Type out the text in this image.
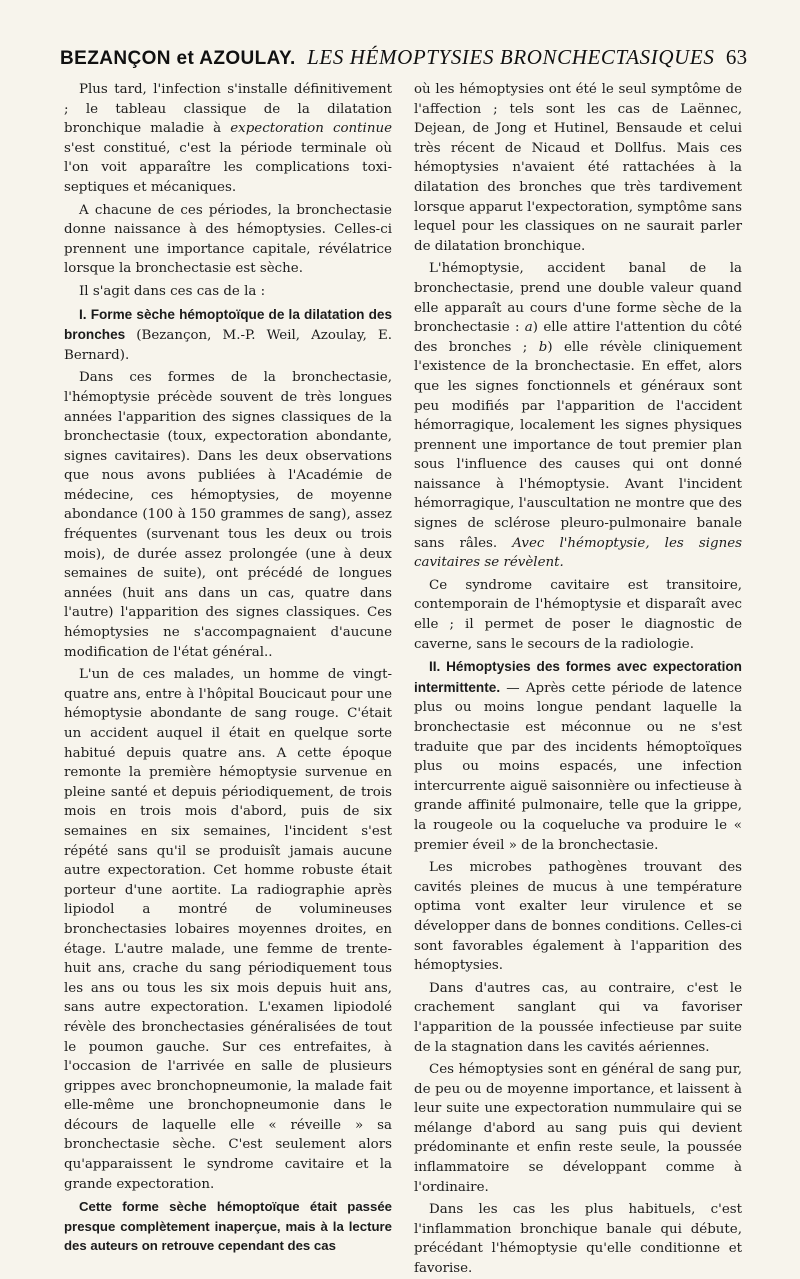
BEZANÇON et AZOULAY. LES HÉMOPTYSIES BRONCHECTASIQUES 63

Plus tard, l'infection s'installe définitivement ; le tableau classique de la dilatation bronchique maladie à expectoration continue s'est constitué, c'est la période terminale où l'on voit apparaître les complications toxi-septiques et mécaniques.

A chacune de ces périodes, la bronchectasie donne naissance à des hémoptysies. Celles-ci prennent une importance capitale, révélatrice lorsque la bronchectasie est sèche.

Il s'agit dans ces cas de la :

I. Forme sèche hémoptoïque de la dilatation des bronches (Bezançon, M.-P. Weil, Azoulay, E. Bernard).

Dans ces formes de la bronchectasie, l'hémoptysie précède souvent de très longues années l'apparition des signes classiques de la bronchectasie (toux, expectoration abondante, signes cavitaires). Dans les deux observations que nous avons publiées à l'Académie de médecine, ces hémoptysies, de moyenne abondance (100 à 150 grammes de sang), assez fréquentes (survenant tous les deux ou trois mois), de durée assez prolongée (une à deux semaines de suite), ont précédé de longues années (huit ans dans un cas, quatre dans l'autre) l'apparition des signes classiques. Ces hémoptysies ne s'accompagnaient d'aucune modification de l'état général..

L'un de ces malades, un homme de vingt-quatre ans, entre à l'hôpital Boucicaut pour une hémoptysie abondante de sang rouge. C'était un accident auquel il était en quelque sorte habitué depuis quatre ans. A cette époque remonte la première hémoptysie survenue en pleine santé et depuis périodiquement, de trois mois en trois mois d'abord, puis de six semaines en six semaines, l'incident s'est répété sans qu'il se produisît jamais aucune autre expectoration. Cet homme robuste était porteur d'une aortite. La radiographie après lipiodol a montré de volumineuses bronchectasies lobaires moyennes droites, en étage. L'autre malade, une femme de trente-huit ans, crache du sang périodiquement tous les ans ou tous les six mois depuis huit ans, sans autre expectoration. L'examen lipiodolé révèle des bronchectasies généralisées de tout le poumon gauche. Sur ces entrefaites, à l'occasion de l'arrivée en salle de plusieurs grippes avec bronchopneumonie, la malade fait elle-même une bronchopneumonie dans le décours de laquelle elle « réveille » sa bronchectasie sèche. C'est seulement alors qu'apparaissent le syndrome cavitaire et la grande expectoration.

Cette forme sèche hémoptoïque était passée presque complètement inaperçue, mais à la lecture des auteurs on retrouve cependant des cas

où les hémoptysies ont été le seul symptôme de l'affection ; tels sont les cas de Laënnec, Dejean, de Jong et Hutinel, Bensaude et celui très récent de Nicaud et Dollfus. Mais ces hémoptysies n'avaient été rattachées à la dilatation des bronches que très tardivement lorsque apparut l'expectoration, symptôme sans lequel pour les classiques on ne saurait parler de dilatation bronchique.

L'hémoptysie, accident banal de la bronchectasie, prend une double valeur quand elle apparaît au cours d'une forme sèche de la bronchectasie : a) elle attire l'attention du côté des bronches ; b) elle révèle cliniquement l'existence de la bronchectasie. En effet, alors que les signes fonctionnels et généraux sont peu modifiés par l'apparition de l'accident hémorragique, localement les signes physiques prennent une importance de tout premier plan sous l'influence des causes qui ont donné naissance à l'hémoptysie. Avant l'incident hémorragique, l'auscultation ne montre que des signes de sclérose pleuro-pulmonaire banale sans râles. Avec l'hémoptysie, les signes cavitaires se révèlent.

Ce syndrome cavitaire est transitoire, contemporain de l'hémoptysie et disparaît avec elle ; il permet de poser le diagnostic de caverne, sans le secours de la radiologie.

II. Hémoptysies des formes avec expectoration intermittente. — Après cette période de latence plus ou moins longue pendant laquelle la bronchectasie est méconnue ou ne s'est traduite que par des incidents hémoptoïques plus ou moins espacés, une infection intercurrente aiguë saisonnière ou infectieuse à grande affinité pulmonaire, telle que la grippe, la rougeole ou la coqueluche va produire le « premier éveil » de la bronchectasie.

Les microbes pathogènes trouvant des cavités pleines de mucus à une température optima vont exalter leur virulence et se développer dans de bonnes conditions. Celles-ci sont favorables également à l'apparition des hémoptysies.

Dans d'autres cas, au contraire, c'est le crachement sanglant qui va favoriser l'apparition de la poussée infectieuse par suite de la stagnation dans les cavités aériennes.

Ces hémoptysies sont en général de sang pur, de peu ou de moyenne importance, et laissent à leur suite une expectoration nummulaire qui se mélange d'abord au sang puis qui devient prédominante et enfin reste seule, la poussée inflammatoire se développant comme à l'ordinaire.

Dans les cas les plus habituels, c'est l'inflammation bronchique banale qui débute, précédant l'hémoptysie qu'elle conditionne et favorise.
